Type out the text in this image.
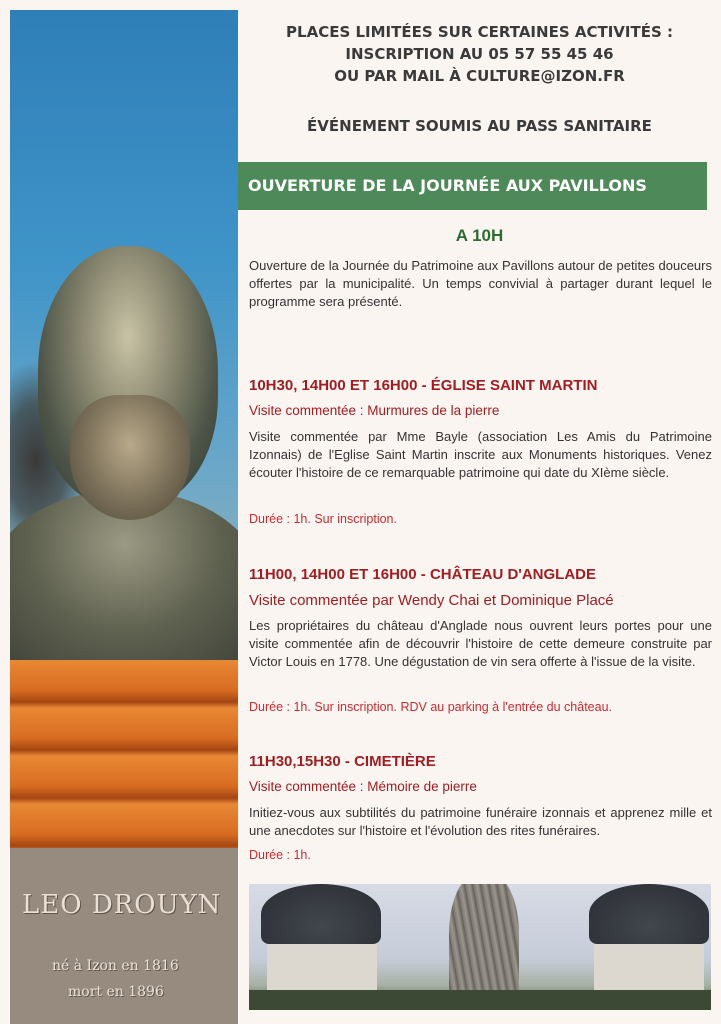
LEO DROUYN
né à Izon en 1816
mort en 1896
PLACES LIMITÉES SUR CERTAINES ACTIVITÉS :
INSCRIPTION AU 05 57 55 45 46
OU PAR MAIL À CULTURE@IZON.FR
ÉVÉNEMENT SOUMIS AU PASS SANITAIRE
OUVERTURE DE LA JOURNÉE AUX PAVILLONS
A 10H
Ouverture de la Journée du Patrimoine aux Pavillons autour de petites douceurs offertes par la municipalité. Un temps convivial à partager durant lequel le programme sera présenté.
10H30, 14H00 ET 16H00 - ÉGLISE SAINT MARTIN
Visite commentée : Murmures de la pierre
Visite commentée par Mme Bayle (association Les Amis du Patrimoine Izonnais) de l'Eglise Saint Martin inscrite aux Monuments historiques. Venez écouter l'histoire de ce remarquable patrimoine qui date du XIème siècle.
Durée : 1h. Sur inscription.
11H00, 14H00 ET 16H00 - CHÂTEAU D'ANGLADE
Visite commentée par Wendy Chai et Dominique Placé
Les propriétaires du château d'Anglade nous ouvrent leurs portes pour une visite commentée afin de découvrir l'histoire de cette demeure construite par Victor Louis en 1778. Une dégustation de vin sera offerte à l'issue de la visite.
Durée : 1h. Sur inscription. RDV au parking à l'entrée du château.
11H30,15H30 - CIMETIÈRE
Visite commentée : Mémoire de pierre
Initiez-vous aux subtilités du patrimoine funéraire izonnais et apprenez mille et une anecdotes sur l'histoire et l'évolution des rites funéraires.
Durée : 1h.
